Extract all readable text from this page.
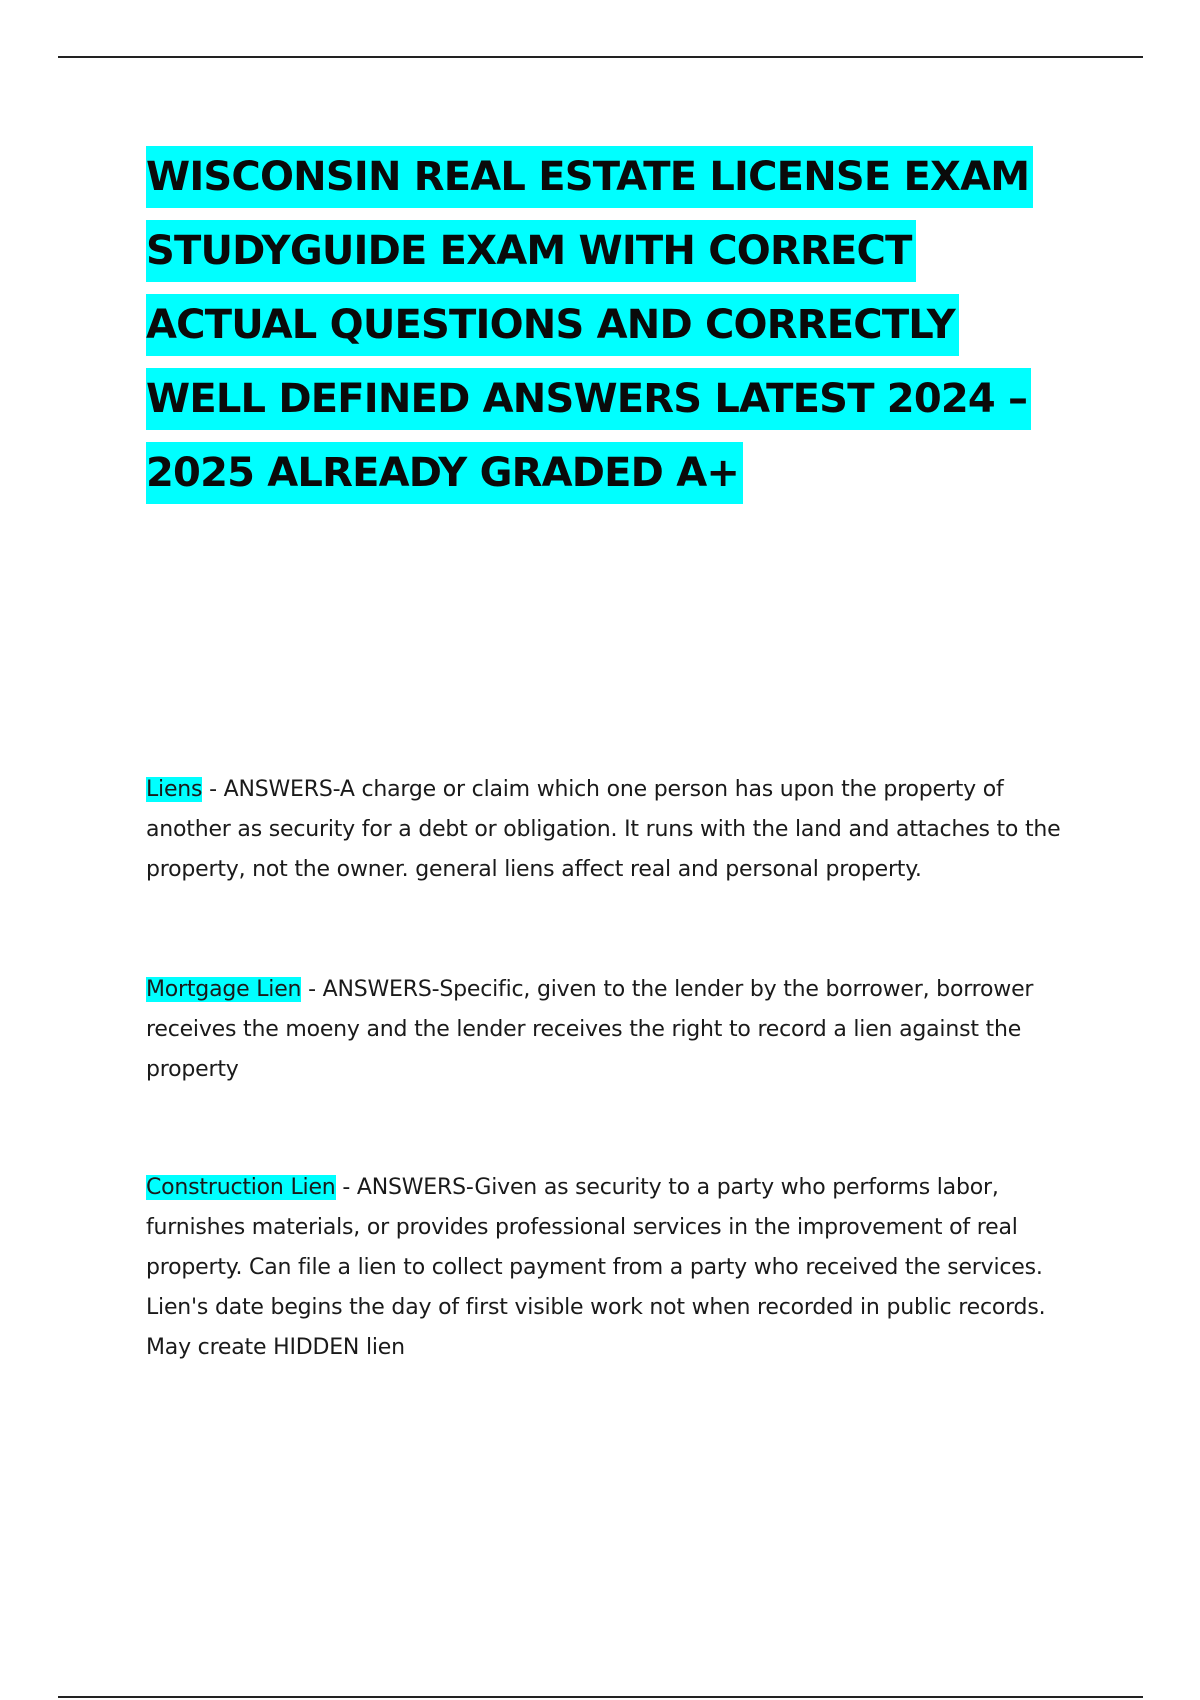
WISCONSIN REAL ESTATE LICENSE EXAM
STUDYGUIDE EXAM WITH CORRECT
ACTUAL QUESTIONS AND CORRECTLY
WELL DEFINED ANSWERS LATEST 2024 –
2025 ALREADY GRADED A+
Liens - ANSWERS-A charge or claim which one person has upon the property of another as security for a debt or obligation. It runs with the land and attaches to the property, not the owner. general liens affect real and personal property.
Mortgage Lien - ANSWERS-Specific, given to the lender by the borrower, borrower receives the moeny and the lender receives the right to record a lien against the property
Construction Lien - ANSWERS-Given as security to a party who performs labor, furnishes materials, or provides professional services in the improvement of real property. Can file a lien to collect payment from a party who received the services. Lien's date begins the day of first visible work not when recorded in public records. May create HIDDEN lien
